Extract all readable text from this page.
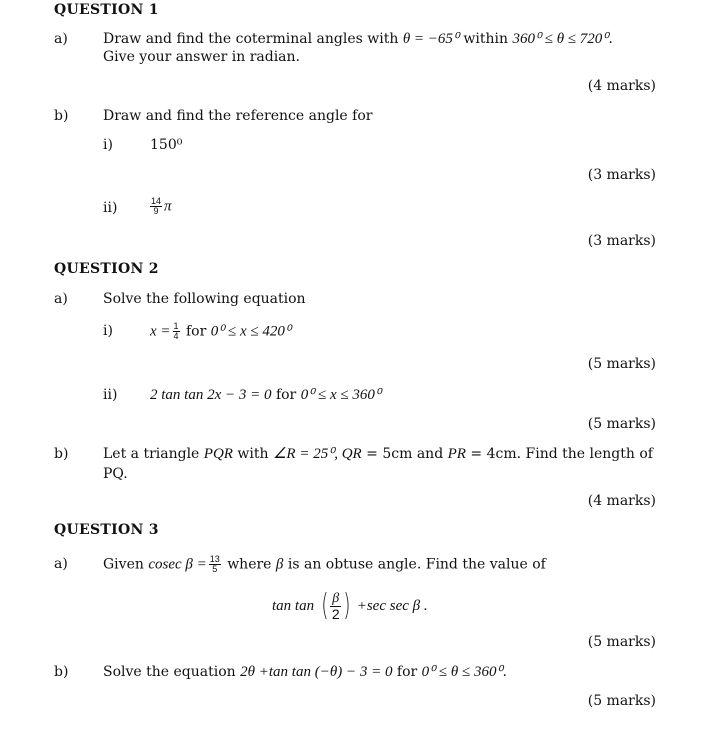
QUESTION 1
a)	Draw and find the coterminal angles with θ = −65⁰ within 360⁰ ≤ θ ≤ 720⁰.
Give your answer in radian.
(4 marks)
b) Draw and find the reference angle for
i)	150⁰
(3 marks)
ii)	$\frac{14}{9}$ π
(3 marks)
QUESTION 2
a)	Solve the following equation
i) $x = \frac{1}{4}$ for 0⁰ ≤ x ≤ 420⁰
(5 marks)
ii) 2 tan tan 2x − 3 = 0 for 0⁰ ≤ x ≤ 360⁰
(5 marks)
b) Let a triangle PQR with ∠R = 25⁰, QR = 5cm and PR = 4cm. Find the length of
PQ.
(4 marks)
QUESTION 3
a)	Given cosec $\beta = \frac{13}{5}$ where β is an obtuse angle. Find the value of
tan tan ( $\frac{\beta}{2}$ ) +sec sec β .
(5 marks)
b) Solve the equation 2θ +tan tan (−θ) − 3 = 0 for 0⁰ ≤ θ ≤ 360⁰.
(5 marks)
